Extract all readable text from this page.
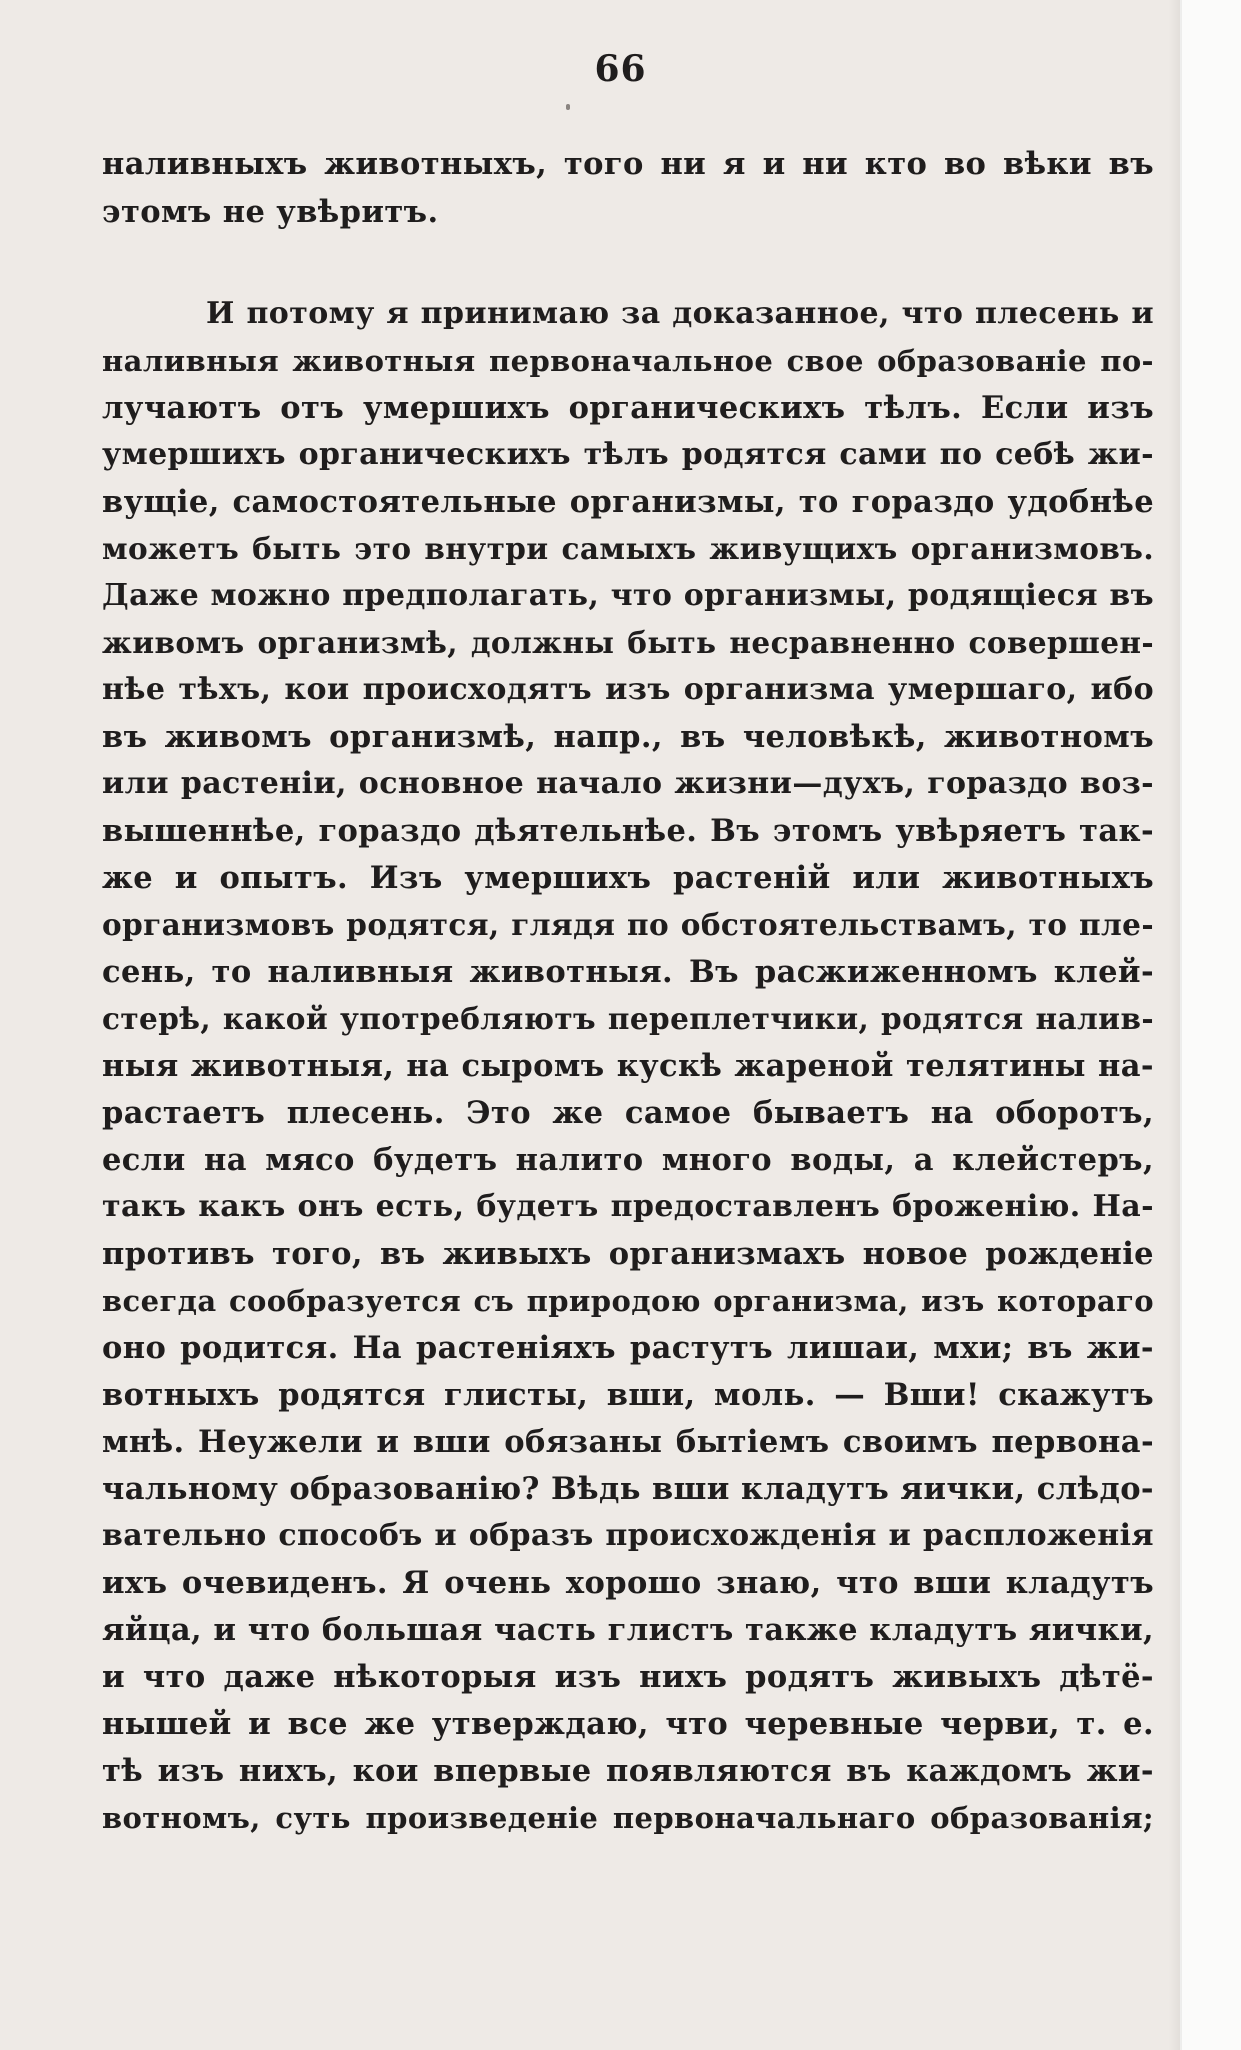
66
наливныхъ животныхъ, того ни я и ни кто во вѣки въ
этомъ не увѣритъ.
И потому я принимаю за доказанное, что плесень и
наливныя животныя первоначальное свое образованіе по-
лучаютъ отъ умершихъ органическихъ тѣлъ. Если изъ
умершихъ органическихъ тѣлъ родятся сами по себѣ жи-
вущіе, самостоятельные организмы, то гораздо удобнѣе
можетъ быть это внутри самыхъ живущихъ организмовъ.
Даже можно предполагать, что организмы, родящіеся въ
живомъ организмѣ, должны быть несравненно совершен-
нѣе тѣхъ, кои происходятъ изъ организма умершаго, ибо
въ живомъ организмѣ, напр., въ человѣкѣ, животномъ
или растеніи, основное начало жизни—духъ, гораздо воз-
вышеннѣе, гораздо дѣятельнѣе. Въ этомъ увѣряетъ так-
же и опытъ. Изъ умершихъ растеній или животныхъ
организмовъ родятся, глядя по обстоятельствамъ, то пле-
сень, то наливныя животныя. Въ расжиженномъ клей-
стерѣ, какой употребляютъ переплетчики, родятся налив-
ныя животныя, на сыромъ кускѣ жареной телятины на-
растаетъ плесень. Это же самое бываетъ на оборотъ,
если на мясо будетъ налито много воды, а клейстеръ,
такъ какъ онъ есть, будетъ предоставленъ броженію. На-
противъ того, въ живыхъ организмахъ новое рожденіе
всегда сообразуется съ природою организма, изъ котораго
оно родится. На растеніяхъ растутъ лишаи, мхи; въ жи-
вотныхъ родятся глисты, вши, моль. — Вши! скажутъ
мнѣ. Неужели и вши обязаны бытіемъ своимъ первона-
чальному образованію? Вѣдь вши кладутъ яички, слѣдо-
вательно способъ и образъ происхожденія и распложенія
ихъ очевиденъ. Я очень хорошо знаю, что вши кладутъ
яйца, и что большая часть глистъ также кладутъ яички,
и что даже нѣкоторыя изъ нихъ родятъ живыхъ дѣтё-
нышей и все же утверждаю, что черевные черви, т. е.
тѣ изъ нихъ, кои впервые появляются въ каждомъ жи-
вотномъ, суть произведеніе первоначальнаго образованія;
